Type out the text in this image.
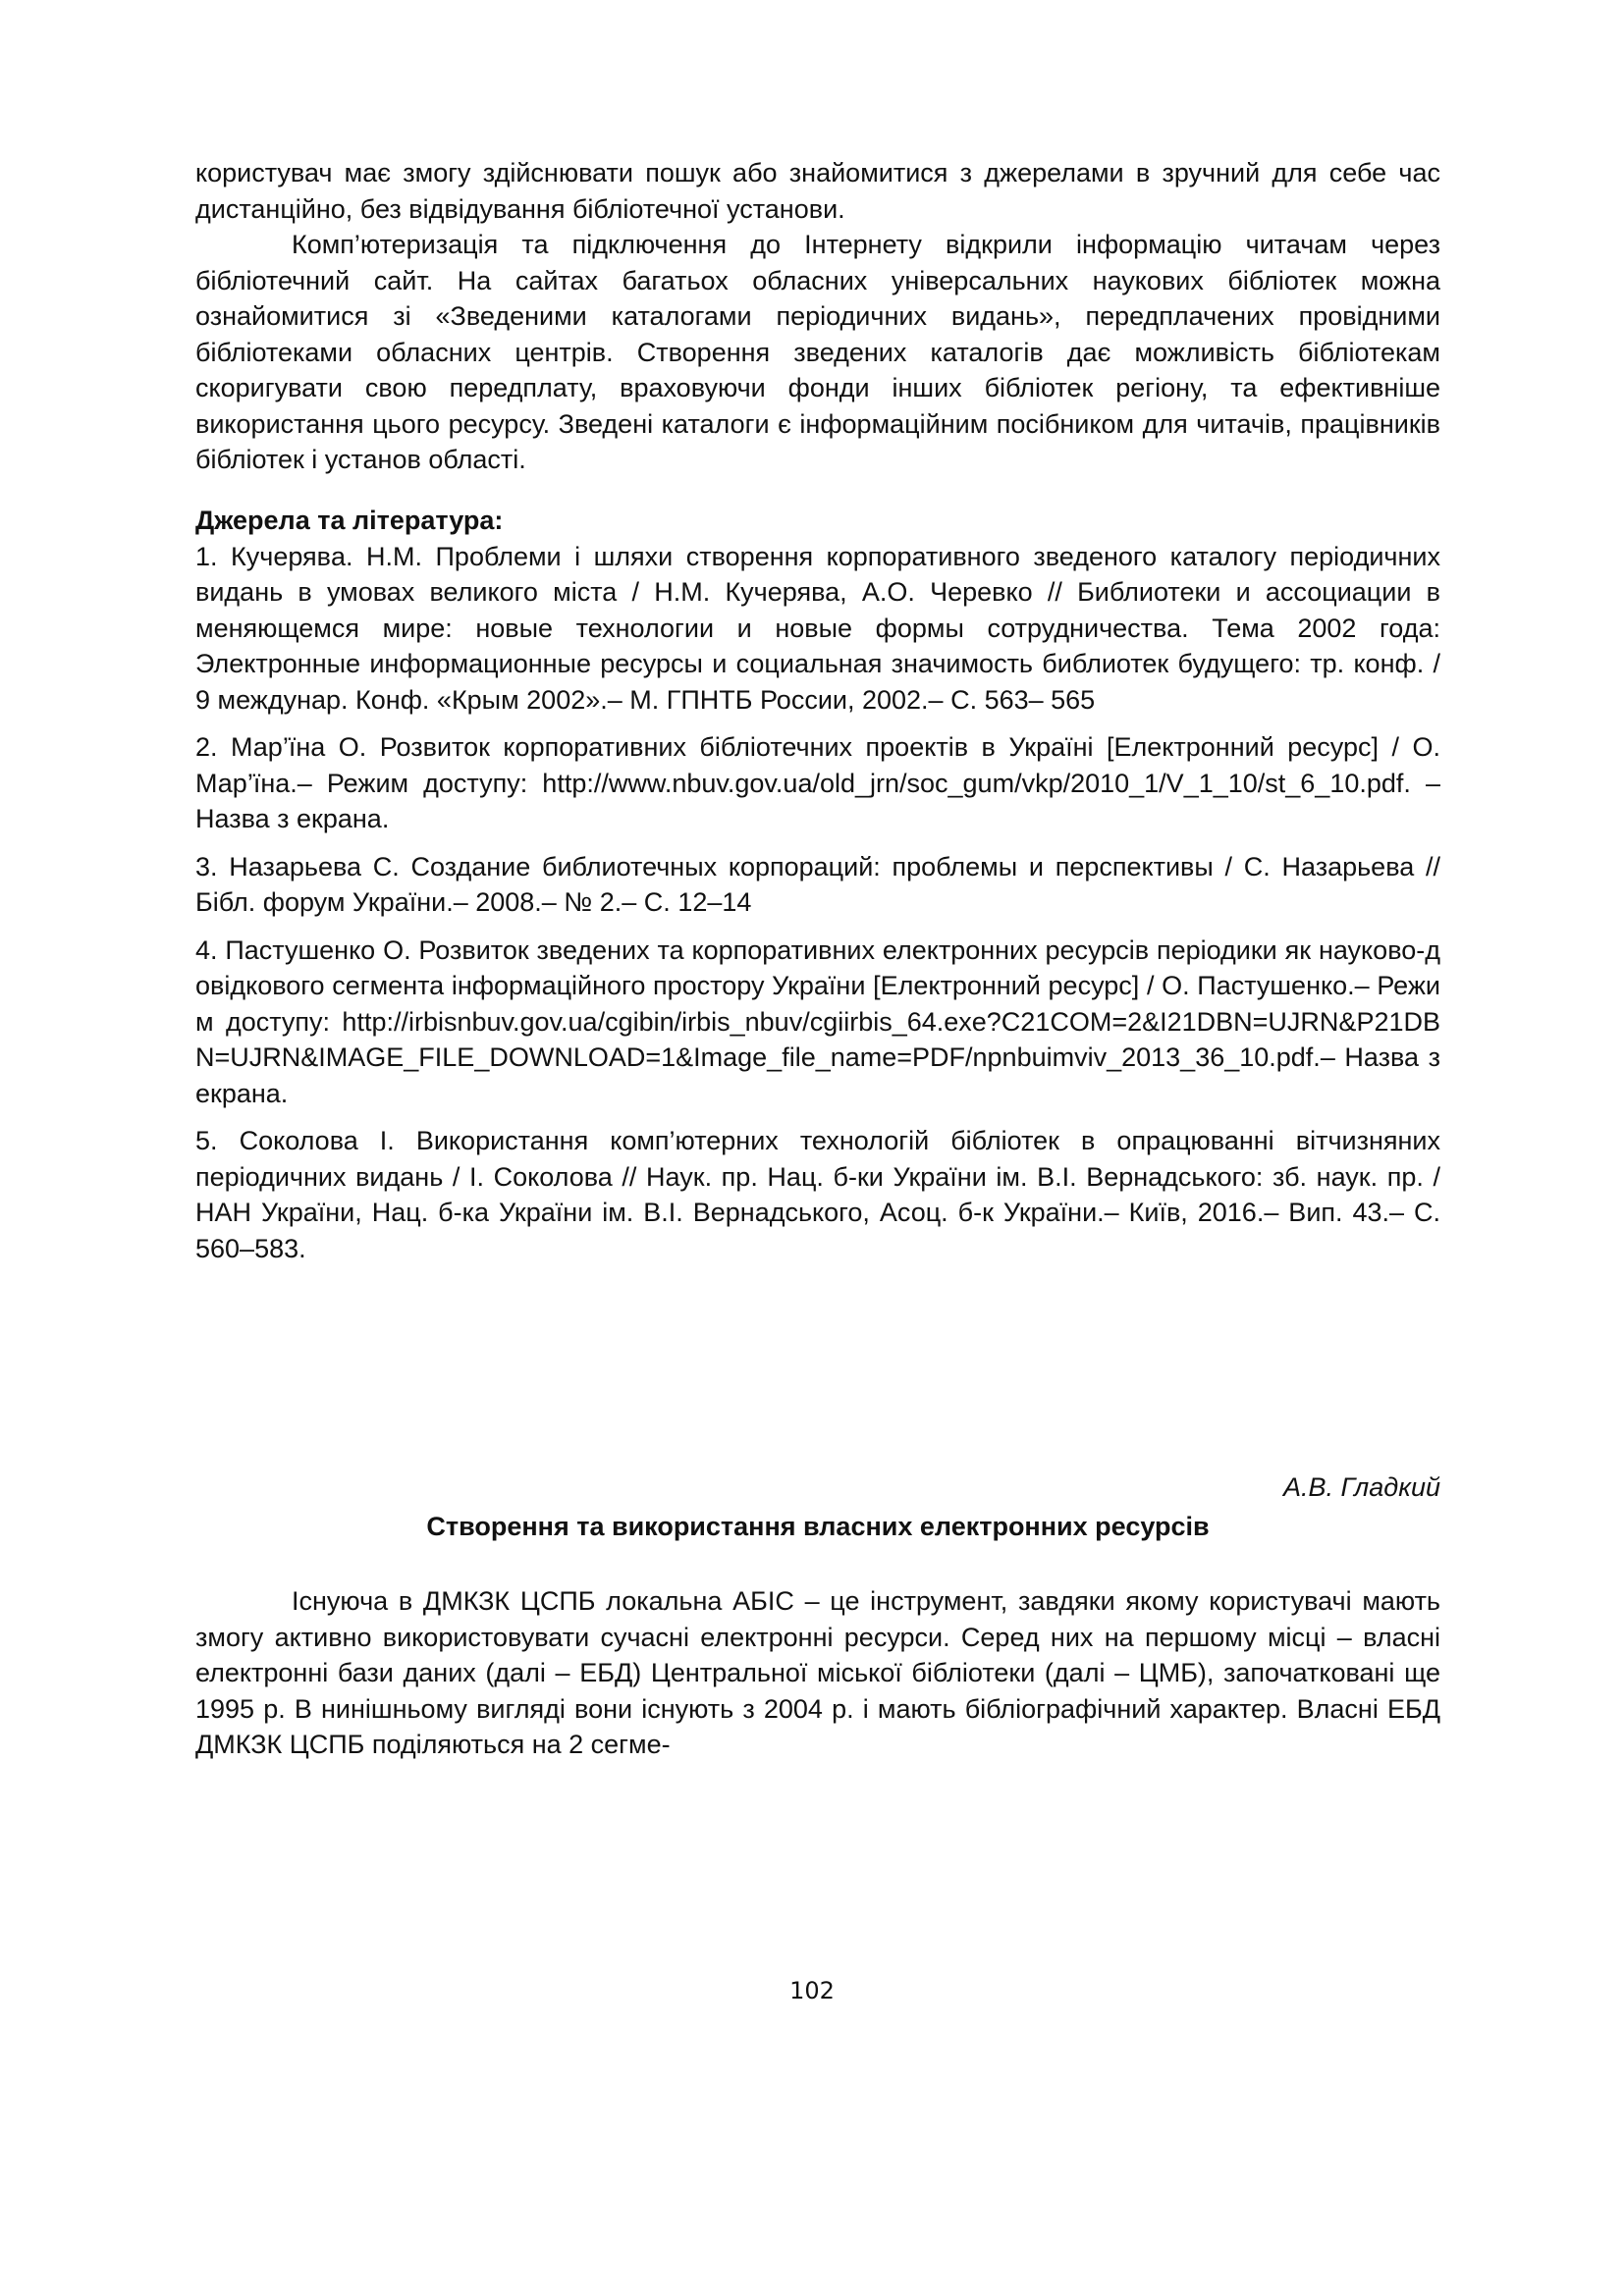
користувач має змогу здійснювати пошук або знайомитися з джерелами в зручний для себе час дистанційно, без відвідування бібліотечної установи.

Комп’ютеризація та підключення до Інтернету відкрили інформацію читачам через бібліотечний сайт. На сайтах багатьох обласних універсальних наукових бібліотек можна ознайомитися зі «Зведеними каталогами періодичних видань», передплачених провідними бібліотеками обласних центрів. Створення зведених каталогів дає можливість бібліотекам скоригувати свою передплату, враховуючи фонди інших бібліотек регіону, та ефективніше використання цього ресурсу. Зведені каталоги є інформаційним посібником для читачів, працівників бібліотек і установ області.

Джерела та література:

1. Кучерявa. Н.М. Проблеми і шляхи створення корпоративного зведеного каталогу періодичних видань в умовах великого міста / Н.М. Кучерява, А.О. Черевко // Библиотеки и ассоциации в меняющемся мире: новые технологии и новые формы сотрудничества. Тема 2002 года: Электронные информационные ресурсы и социальная значимость библиотек будущего: тр. конф. / 9 междунар. Конф. «Крым 2002».– М. ГПНТБ России, 2002.– С. 563– 565

2. Мар’їна О. Розвиток корпоративних бібліотечних проектів в Україні [Електронний ресурс] / О. Мар’їна.– Режим доступу: http://www.nbuv.gov.ua/old_jrn/soc_gum/vkp/2010_1/V_1_10/st_6_10.pdf. – Назва з екрана.

3. Назарьева С. Создание библиотечных корпораций: проблемы и перспективы / С. Назарьева // Бібл. форум України.– 2008.– № 2.– С. 12–14

4. Пастушенко О. Розвиток зведених та корпоративних електронних ресурсів періодики як науково-довідкового сегмента інформаційного простору України [Електронний ресурс] / О. Пастушенко.– Режим доступу: http://irbisnbuv.gov.ua/cgibin/irbis_nbuv/cgiirbis_64.exe?C21COM=2&I21DBN=UJRN&P21DBN=UJRN&IMAGE_FILE_DOWNLOAD=1&Image_file_name=PDF/npnbuimviv_2013_36_10.pdf.– Назва з екрана.

5. Соколова І. Використання комп’ютерних технологій бібліотек в опрацюванні вітчизняних періодичних видань / І. Соколова // Наук. пр. Нац. б-ки України ім. В.І. Вернадського: зб. наук. пр. / НАН України, Нац. б-ка України ім. В.І. Вернадського, Асоц. б-к України.– Київ, 2016.– Вип. 43.– С. 560–583.

А.В. Гладкий
Створення та використання власних електронних ресурсів

Існуюча в ДМКЗК ЦСПБ локальна АБІС – це інструмент, завдяки якому користувачі мають змогу активно використовувати сучасні електронні ресурси. Серед них на першому місці – власні електронні бази даних (далі – ЕБД) Центральної міської бібліотеки (далі – ЦМБ), започатковані ще 1995 р. В нинішньому вигляді вони існують з 2004 р. і мають бібліографічний характер. Власні ЕБД ДМКЗК ЦСПБ поділяються на 2 сегме-

102
